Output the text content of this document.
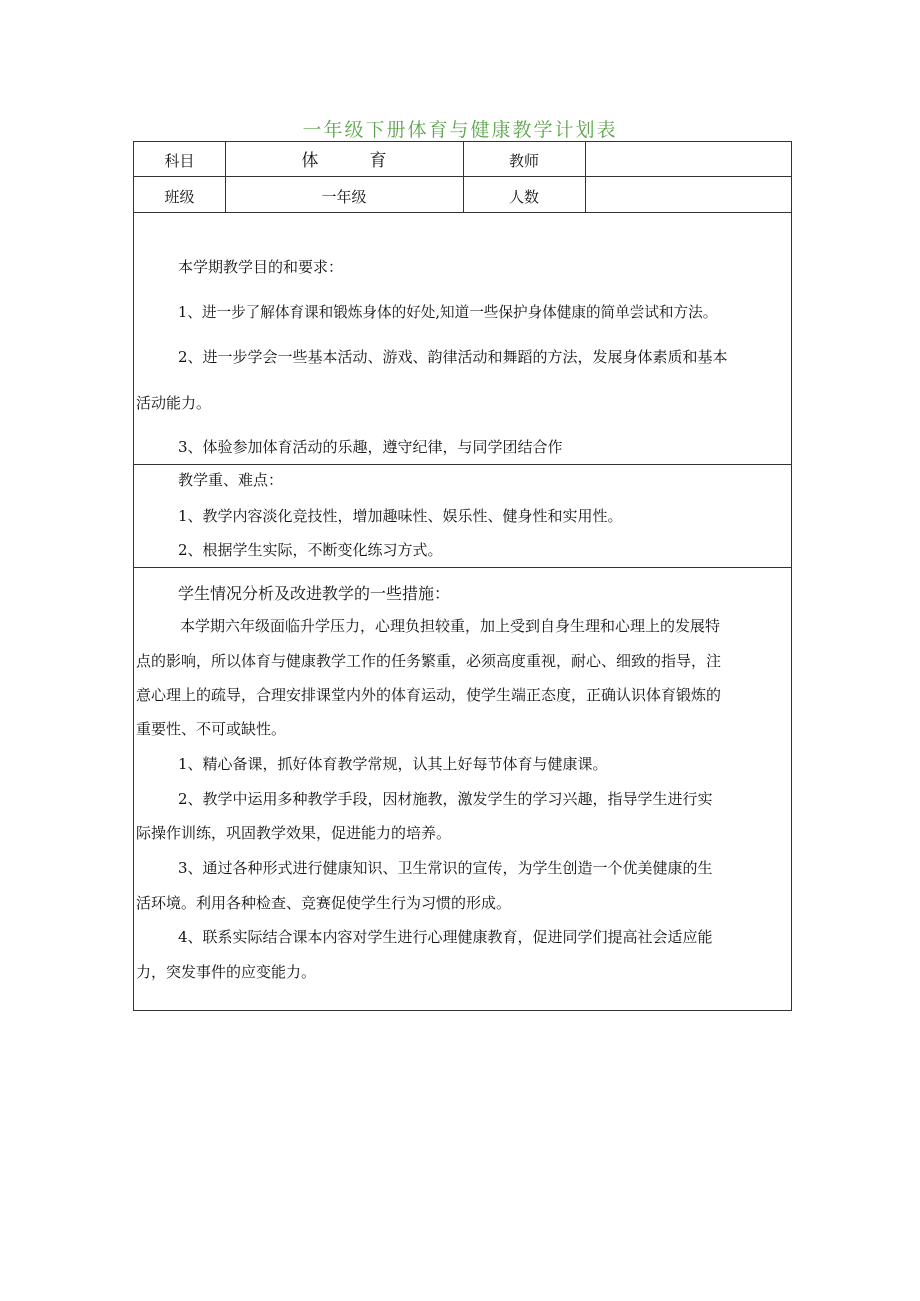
一年级下册体育与健康教学计划表
科目	体　　　育	教师
班级	一年级	人数
本学期教学目的和要求：
1、进一步了解体育课和锻炼身体的好处,知道一些保护身体健康的简单尝试和方法。
2、进一步学会一些基本活动、游戏、韵律活动和舞蹈的方法，发展身体素质和基本
活动能力。
3、体验参加体育活动的乐趣，遵守纪律，与同学团结合作
教学重、难点：
1、教学内容淡化竞技性，增加趣味性、娱乐性、健身性和实用性。
2、根据学生实际，不断变化练习方式。
学生情况分析及改进教学的一些措施：
本学期六年级面临升学压力，心理负担较重，加上受到自身生理和心理上的发展特
点的影响，所以体育与健康教学工作的任务繁重，必须高度重视，耐心、细致的指导，注
意心理上的疏导，合理安排课堂内外的体育运动，使学生端正态度，正确认识体育锻炼的
重要性、不可或缺性。
1、精心备课，抓好体育教学常规，认其上好每节体育与健康课。
2、教学中运用多种教学手段，因材施教，激发学生的学习兴趣，指导学生进行实
际操作训练，巩固教学效果，促进能力的培养。
3、通过各种形式进行健康知识、卫生常识的宣传，为学生创造一个优美健康的生
活环境。利用各种检查、竞赛促使学生行为习惯的形成。
4、联系实际结合课本内容对学生进行心理健康教育，促进同学们提高社会适应能
力，突发事件的应变能力。
